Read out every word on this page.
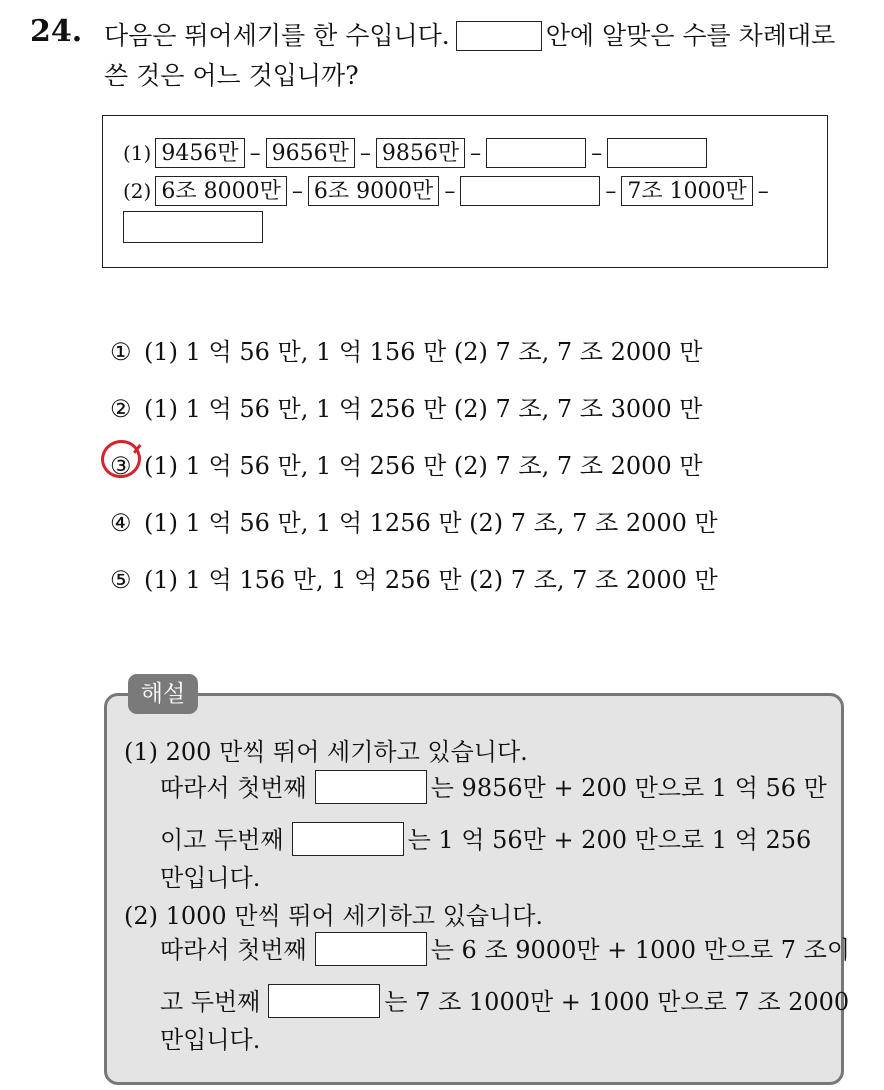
24. 다음은 뛰어세기를 한 수입니다.	안에 알맞은 수를 차례대로
쓴 것은 어느 것입니까?
(1) 9456만 – 9656만 – 9856만 –	–
(2) 6조 8000만 – 6조 9000만 –	– 7조 1000만 –
① (1) 1 억 56 만, 1 억 156 만 (2) 7 조, 7 조 2000 만
② (1) 1 억 56 만, 1 억 256 만 (2) 7 조, 7 조 3000 만
③ (1) 1 억 56 만, 1 억 256 만 (2) 7 조, 7 조 2000 만
④ (1) 1 억 56 만, 1 억 1256 만 (2) 7 조, 7 조 2000 만
⑤ (1) 1 억 156 만, 1 억 256 만 (2) 7 조, 7 조 2000 만
해설
(1) 200 만씩 뛰어 세기하고 있습니다.
따라서 첫번째	는 9856만 + 200 만으로 1 억 56 만
이고 두번째	는 1 억 56만 + 200 만으로 1 억 256
만입니다.
(2) 1000 만씩 뛰어 세기하고 있습니다.
따라서 첫번째	는 6 조 9000만 + 1000 만으로 7 조이
고 두번째	는 7 조 1000만 + 1000 만으로 7 조 2000
만입니다.
